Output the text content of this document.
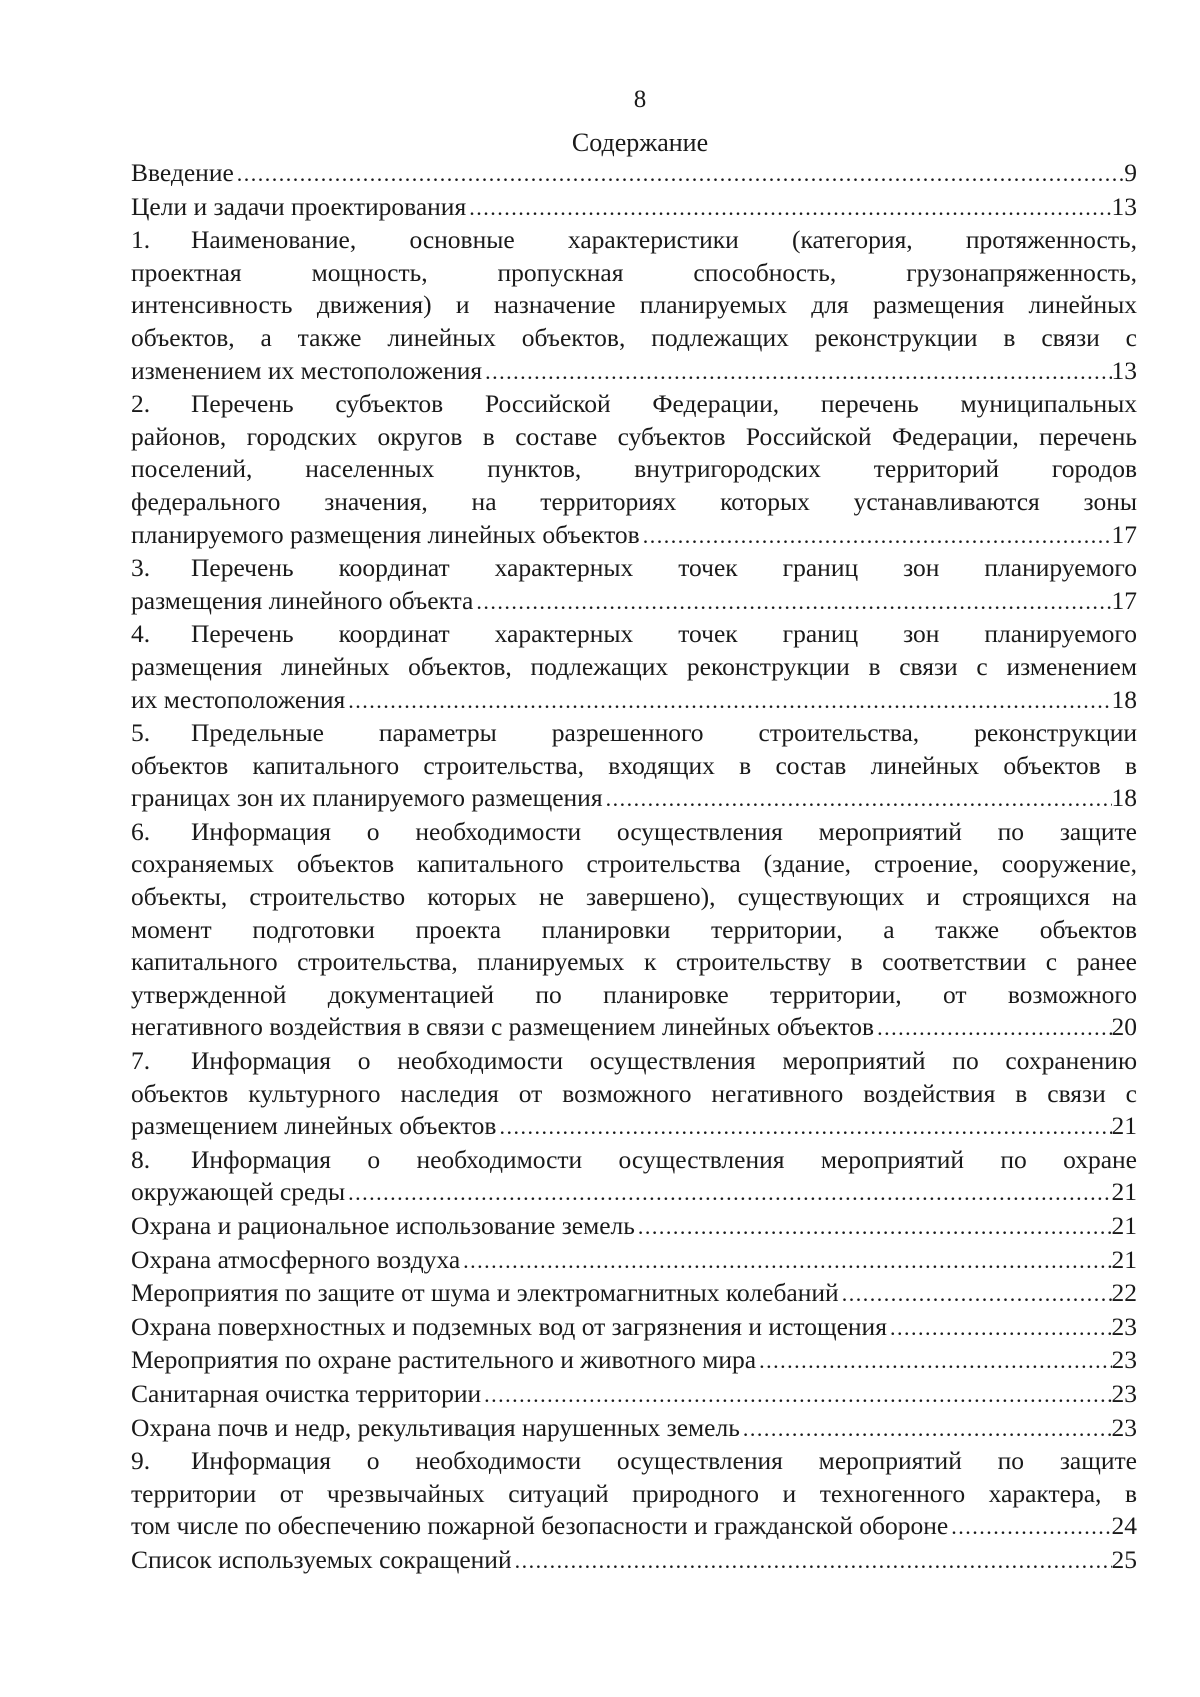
8
Содержание
Введение .....	9
Цели и задачи проектирования .....	13
1. Наименование, основные характеристики (категория, протяженность,
проектная мощность, пропускная способность, грузонапряженность,
интенсивность движения) и назначение планируемых для размещения линейных
объектов, а также линейных объектов, подлежащих реконструкции в связи с
изменением их местоположения .....	13
2. Перечень субъектов Российской Федерации, перечень муниципальных
районов, городских округов в составе субъектов Российской Федерации, перечень
поселений, населенных пунктов, внутригородских территорий городов
федерального значения, на территориях которых устанавливаются зоны
планируемого размещения линейных объектов .....	17
3. Перечень координат характерных точек границ зон планируемого
размещения линейного объекта .....	17
4. Перечень координат характерных точек границ зон планируемого
размещения линейных объектов, подлежащих реконструкции в связи с изменением
их местоположения .....	18
5. Предельные параметры разрешенного строительства, реконструкции
объектов капитального строительства, входящих в состав линейных объектов в
границах зон их планируемого размещения .....	18
6. Информация о необходимости осуществления мероприятий по защите
сохраняемых объектов капитального строительства (здание, строение, сооружение,
объекты, строительство которых не завершено), существующих и строящихся на
момент подготовки проекта планировки территории, а также объектов
капитального строительства, планируемых к строительству в соответствии с ранее
утвержденной документацией по планировке территории, от возможного
негативного воздействия в связи с размещением линейных объектов .....	20
7. Информация о необходимости осуществления мероприятий по сохранению
объектов культурного наследия от возможного негативного воздействия в связи с
размещением линейных объектов .....	21
8. Информация о необходимости осуществления мероприятий по охране
окружающей среды .....	21
Охрана и рациональное использование земель .....	21
Охрана атмосферного воздуха .....	21
Мероприятия по защите от шума и электромагнитных колебаний .....	22
Охрана поверхностных и подземных вод от загрязнения и истощения .....	23
Мероприятия по охране растительного и животного мира .....	23
Санитарная очистка территории .....	23
Охрана почв и недр, рекультивация нарушенных земель .....	23
9. Информация о необходимости осуществления мероприятий по защите
территории от чрезвычайных ситуаций природного и техногенного характера, в
том числе по обеспечению пожарной безопасности и гражданской обороне .....	24
Список используемых сокращений .....	25
